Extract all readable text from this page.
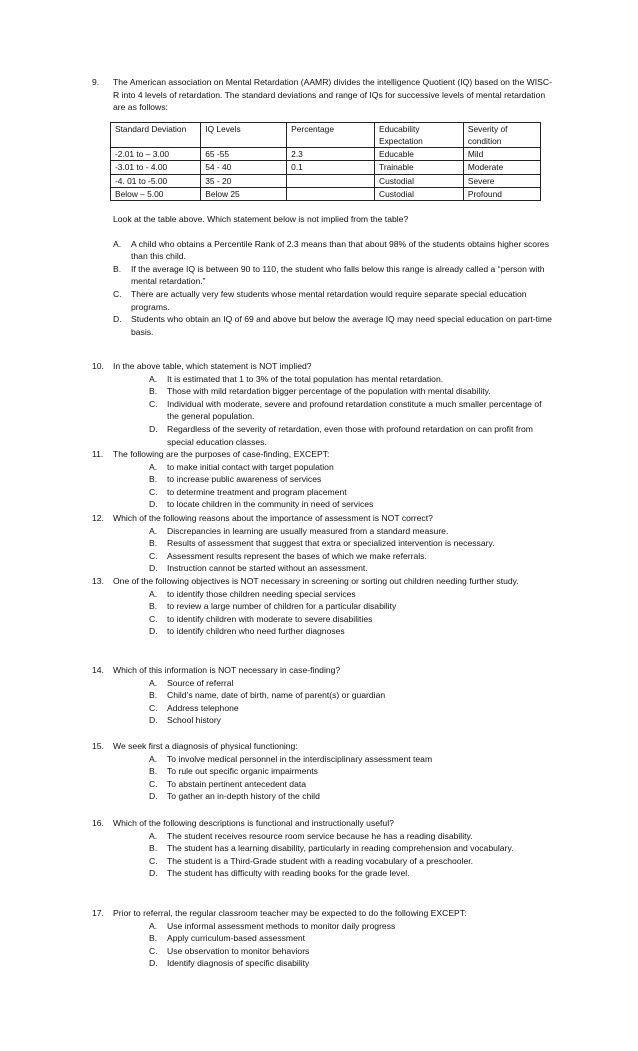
9.	The American association on Mental Retardation (AAMR) divides the intelligence Quotient (IQ) based on the WISC-R into 4 levels of retardation. The standard deviations and range of IQs for successive levels of mental retardation are as follows:
Standard Deviation	IQ Levels	Percentage	Educability Expectation	Severity of condition
-2.01 to – 3.00	65 -55	2.3	Educable	Mild
-3.01 to - 4.00	54 - 40	0.1	Trainable	Moderate
-4. 01 to -5.00	35 - 20		Custodial	Severe
Below – 5.00	Below 25		Custodial	Profound
Look at the table above. Which statement below is not implied from the table?
A. A child who obtains a Percentile Rank of 2.3 means than that about 98% of the students obtains higher scores than this child.
B. If the average IQ is between 90 to 110, the student who falls below this range is already called a “person with mental retardation.”
C. There are actually very few students whose mental retardation would require separate special education programs.
D. Students who obtain an IQ of 69 and above but below the average IQ may need special education on part-time basis.
10.	In the above table, which statement is NOT implied?
A. It is estimated that 1 to 3% of the total population has mental retardation.
B. Those with mild retardation bigger percentage of the population with mental disability.
C. Individual with moderate, severe and profound retardation constitute a much smaller percentage of the general population.
D. Regardless of the severity of retardation, even those with profound retardation on can profit from special education classes.
11.	The following are the purposes of case-finding, EXCEPT:
A. to make initial contact with target population
B. to increase public awareness of services
C. to determine treatment and program placement
D. to locate children in the community in need of services
12.	Which of the following reasons about the importance of assessment is NOT correct?
A. Discrepancies in learning are usually measured from a standard measure.
B. Results of assessment that suggest that extra or specialized intervention is necessary.
C. Assessment results represent the bases of which we make referrals.
D. Instruction cannot be started without an assessment.
13.	One of the following objectives is NOT necessary in screening or sorting out children needing further study.
A. to identify those children needing special services
B. to review a large number of children for a particular disability
C. to identify children with moderate to severe disabilities
D. to identify children who need further diagnoses
14.	Which of this information is NOT necessary in case-finding?
A. Source of referral
B. Child’s name, date of birth, name of parent(s) or guardian
C. Address telephone
D. School history
15.	We seek first a diagnosis of physical functioning:
A. To involve medical personnel in the interdisciplinary assessment team
B. To rule out specific organic impairments
C. To abstain pertinent antecedent data
D. To gather an in-depth history of the child
16.	Which of the following descriptions is functional and instructionally useful?
A. The student receives resource room service because he has a reading disability.
B. The student has a learning disability, particularly in reading comprehension and vocabulary.
C. The student is a Third-Grade student with a reading vocabulary of a preschooler.
D. The student has difficulty with reading books for the grade level.
17.	Prior to referral, the regular classroom teacher may be expected to do the following EXCEPT:
A. Use informal assessment methods to monitor daily progress
B. Apply curriculum-based assessment
C. Use observation to monitor behaviors
D. Identify diagnosis of specific disability
